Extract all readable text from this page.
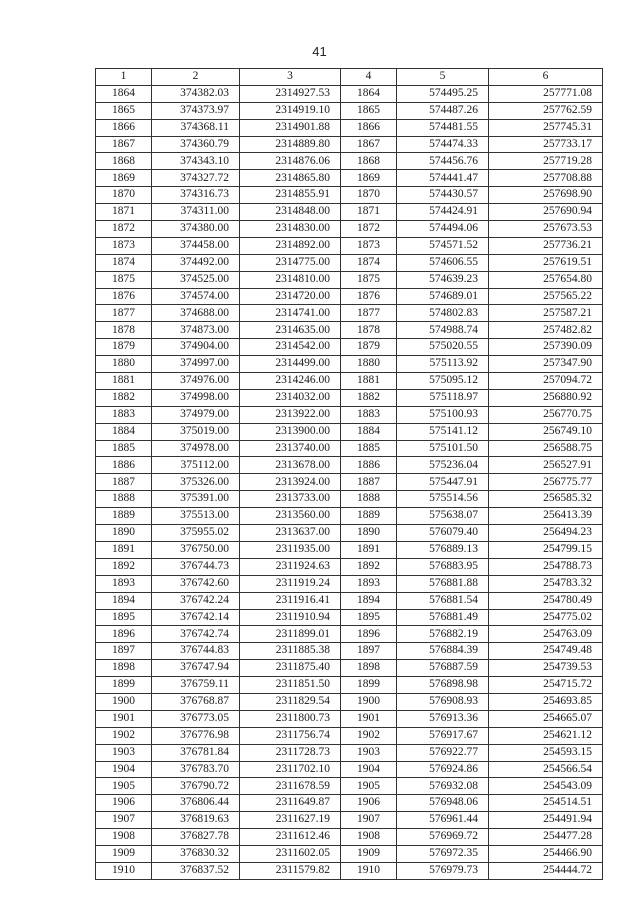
41
1	2	3	4	5	6
1864	374382.03	2314927.53	1864	574495.25	257771.08
1865	374373.97	2314919.10	1865	574487.26	257762.59
1866	374368.11	2314901.88	1866	574481.55	257745.31
1867	374360.79	2314889.80	1867	574474.33	257733.17
1868	374343.10	2314876.06	1868	574456.76	257719.28
1869	374327.72	2314865.80	1869	574441.47	257708.88
1870	374316.73	2314855.91	1870	574430.57	257698.90
1871	374311.00	2314848.00	1871	574424.91	257690.94
1872	374380.00	2314830.00	1872	574494.06	257673.53
1873	374458.00	2314892.00	1873	574571.52	257736.21
1874	374492.00	2314775.00	1874	574606.55	257619.51
1875	374525.00	2314810.00	1875	574639.23	257654.80
1876	374574.00	2314720.00	1876	574689.01	257565.22
1877	374688.00	2314741.00	1877	574802.83	257587.21
1878	374873.00	2314635.00	1878	574988.74	257482.82
1879	374904.00	2314542.00	1879	575020.55	257390.09
1880	374997.00	2314499.00	1880	575113.92	257347.90
1881	374976.00	2314246.00	1881	575095.12	257094.72
1882	374998.00	2314032.00	1882	575118.97	256880.92
1883	374979.00	2313922.00	1883	575100.93	256770.75
1884	375019.00	2313900.00	1884	575141.12	256749.10
1885	374978.00	2313740.00	1885	575101.50	256588.75
1886	375112.00	2313678.00	1886	575236.04	256527.91
1887	375326.00	2313924.00	1887	575447.91	256775.77
1888	375391.00	2313733.00	1888	575514.56	256585.32
1889	375513.00	2313560.00	1889	575638.07	256413.39
1890	375955.02	2313637.00	1890	576079.40	256494.23
1891	376750.00	2311935.00	1891	576889.13	254799.15
1892	376744.73	2311924.63	1892	576883.95	254788.73
1893	376742.60	2311919.24	1893	576881.88	254783.32
1894	376742.24	2311916.41	1894	576881.54	254780.49
1895	376742.14	2311910.94	1895	576881.49	254775.02
1896	376742.74	2311899.01	1896	576882.19	254763.09
1897	376744.83	2311885.38	1897	576884.39	254749.48
1898	376747.94	2311875.40	1898	576887.59	254739.53
1899	376759.11	2311851.50	1899	576898.98	254715.72
1900	376768.87	2311829.54	1900	576908.93	254693.85
1901	376773.05	2311800.73	1901	576913.36	254665.07
1902	376776.98	2311756.74	1902	576917.67	254621.12
1903	376781.84	2311728.73	1903	576922.77	254593.15
1904	376783.70	2311702.10	1904	576924.86	254566.54
1905	376790.72	2311678.59	1905	576932.08	254543.09
1906	376806.44	2311649.87	1906	576948.06	254514.51
1907	376819.63	2311627.19	1907	576961.44	254491.94
1908	376827.78	2311612.46	1908	576969.72	254477.28
1909	376830.32	2311602.05	1909	576972.35	254466.90
1910	376837.52	2311579.82	1910	576979.73	254444.72
